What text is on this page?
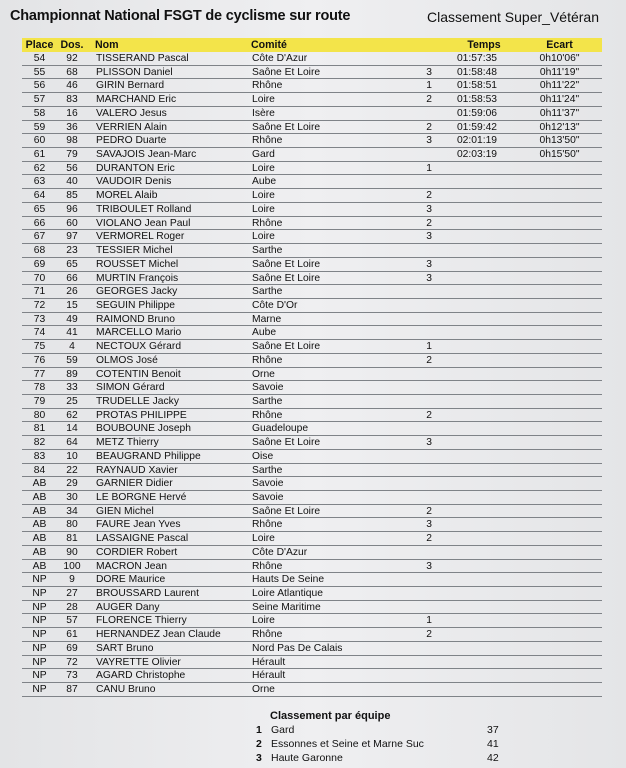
Championnat National FSGT de cyclisme sur route	Classement Super_Vétéran
Place Dos.	Nom	Comité	Temps	Ecart
54	92	TISSERAND Pascal	Côte D'Azur	01:57:35	0h10'06"
55	68	PLISSON Daniel	Saône Et Loire	3	01:58:48	0h11'19"
56	46	GIRIN Bernard	Rhône	1	01:58:51	0h11'22"
57	83	MARCHAND Eric	Loire	2	01:58:53	0h11'24"
58	16	VALERO Jesus	Isère	01:59:06	0h11'37"
59	36	VERRIEN Alain	Saône Et Loire	2	01:59:42	0h12'13"
60	98	PEDRO Duarte	Rhône	3	02:01:19	0h13'50"
61	79	SAVAJOIS Jean-Marc	Gard	02:03:19	0h15'50"
62	56	DURANTON Eric	Loire	1
63	40	VAUDOIR Denis	Aube
64	85	MOREL Alaib	Loire	2
65	96	TRIBOULET Rolland	Loire	3
66	60	VIOLANO Jean Paul	Rhône	2
67	97	VERMOREL Roger	Loire	3
68	23	TESSIER Michel	Sarthe
69	65	ROUSSET Michel	Saône Et Loire	3
70	66	MURTIN François	Saône Et Loire	3
71	26	GEORGES Jacky	Sarthe
72	15	SEGUIN Philippe	Côte D'Or
73	49	RAIMOND Bruno	Marne
74	41	MARCELLO Mario	Aube
75	4	NECTOUX Gérard	Saône Et Loire	1
76	59	OLMOS José	Rhône	2
77	89	COTENTIN Benoit	Orne
78	33	SIMON Gérard	Savoie
79	25	TRUDELLE Jacky	Sarthe
80	62	PROTAS PHILIPPE	Rhône	2
81	14	BOUBOUNE Joseph	Guadeloupe
82	64	METZ Thierry	Saône Et Loire	3
83	10	BEAUGRAND Philippe	Oise
84	22	RAYNAUD Xavier	Sarthe
AB	29	GARNIER Didier	Savoie
AB	30	LE BORGNE Hervé	Savoie
AB	34	GIEN Michel	Saône Et Loire	2
AB	80	FAURE Jean Yves	Rhône	3
AB	81	LASSAIGNE Pascal	Loire	2
AB	90	CORDIER Robert	Côte D'Azur
AB	100	MACRON Jean	Rhône	3
NP	9	DORE Maurice	Hauts De Seine
NP	27	BROUSSARD Laurent	Loire Atlantique
NP	28	AUGER Dany	Seine Maritime
NP	57	FLORENCE Thierry	Loire	1
NP	61	HERNANDEZ Jean Claude	Rhône	2
NP	69	SART Bruno	Nord Pas De Calais
NP	72	VAYRETTE Olivier	Hérault
NP	73	AGARD Christophe	Hérault
NP	87	CANU Bruno	Orne
Classement par équipe
1 Gard	37
2 Essonnes et Seine et Marne Suc	41
3 Haute Garonne	42
